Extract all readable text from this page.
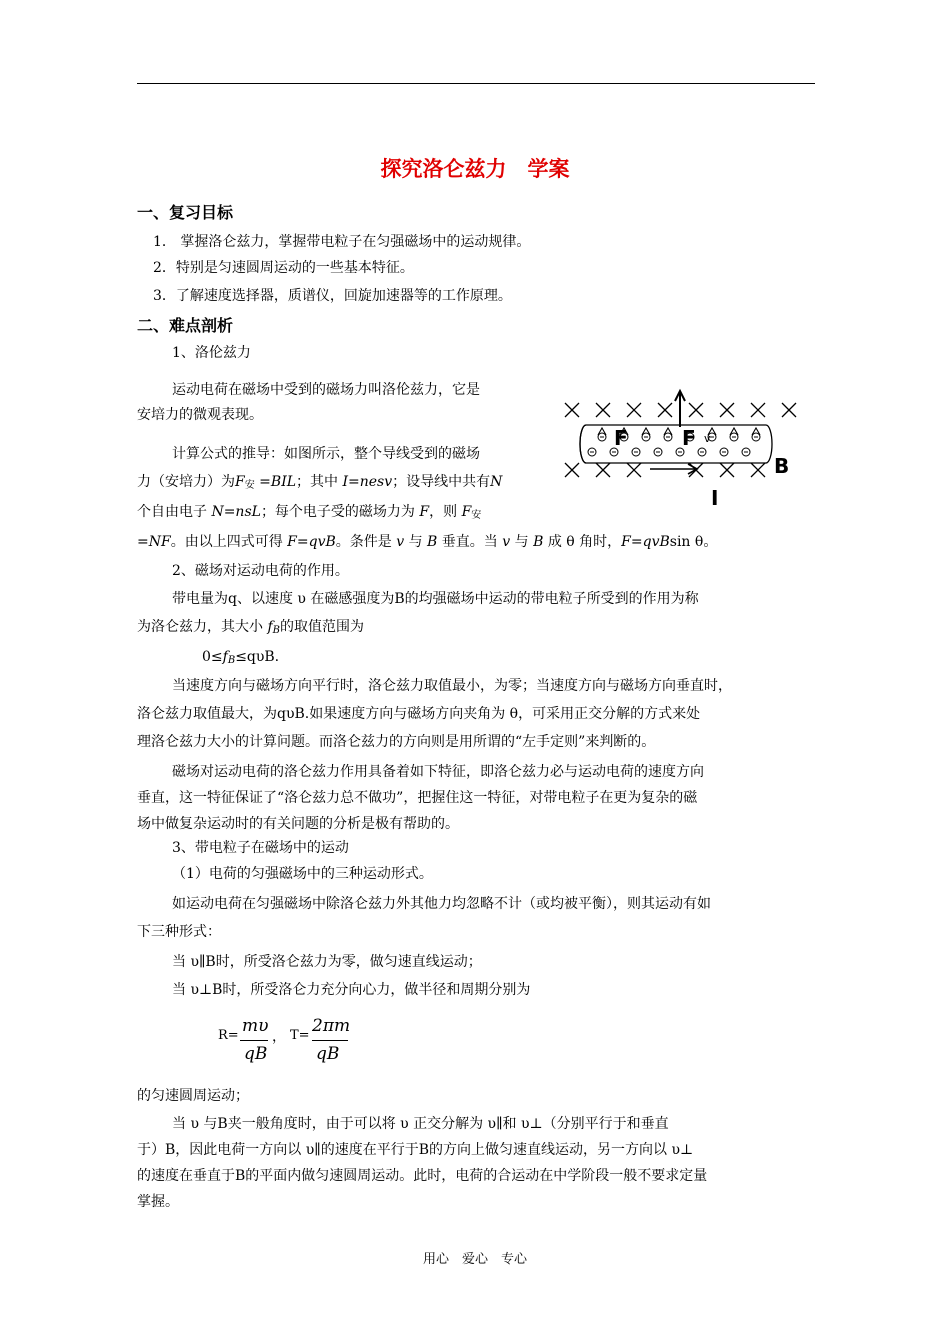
探究洛仑兹力　学案
一、复习目标
1． 掌握洛仑兹力，掌握带电粒子在匀强磁场中的运动规律。
2．特别是匀速圆周运动的一些基本特征。
3．了解速度选择器，质谱仪，回旋加速器等的工作原理。
二、难点剖析
1、洛伦兹力
运动电荷在磁场中受到的磁场力叫洛伦兹力，它是
安培力的微观表现。
计算公式的推导：如图所示，整个导线受到的磁场
力（安培力）为$F_安 =BIL$；其中 I=nesv；设导线中共有N
个自由电子 N=nsL；每个电子受的磁场力为 F，则 $F_安$
=NF。由以上四式可得 F=qvB。条件是 v 与 B 垂直。当 v 与 B 成 θ 角时，F=qvBsin θ。
F	F v
B
I
2、磁场对运动电荷的作用。
带电量为q、以速度 υ 在磁感强度为B的均强磁场中运动的带电粒子所受到的作用为称
为洛仑兹力，其大小 $f_B$的取值范围为
$0\le f_B\le q\upsilon B$.
当速度方向与磁场方向平行时，洛仑兹力取值最小，为零；当速度方向与磁场方向垂直时，
洛仑兹力取值最大，为qυB.如果速度方向与磁场方向夹角为 θ，可采用正交分解的方式来处
理洛仑兹力大小的计算问题。而洛仑兹力的方向则是用所谓的“左手定则”来判断的。
磁场对运动电荷的洛仑兹力作用具备着如下特征，即洛仑兹力必与运动电荷的速度方向
垂直，这一特征保证了“洛仑兹力总不做功”，把握住这一特征，对带电粒子在更为复杂的磁
场中做复杂运动时的有关问题的分析是极有帮助的。
3、带电粒子在磁场中的运动
（1）电荷的匀强磁场中的三种运动形式。
如运动电荷在匀强磁场中除洛仑兹力外其他力均忽略不计（或均被平衡），则其运动有如
下三种形式：
当 υ∥B时，所受洛仑兹力为零，做匀速直线运动；
当 υ⊥B时，所受洛仑力充分向心力，做半径和周期分别为
R= mυ
qB
， T= 2πm
qB
的匀速圆周运动；
当 υ 与B夹一般角度时，由于可以将 υ 正交分解为 υ∥和 υ⊥（分别平行于和垂直
于）B，因此电荷一方向以 υ∥的速度在平行于B的方向上做匀速直线运动，另一方向以 υ⊥
的速度在垂直于B的平面内做匀速圆周运动。此时，电荷的合运动在中学阶段一般不要求定量
掌握。
用心　爱心　专心
